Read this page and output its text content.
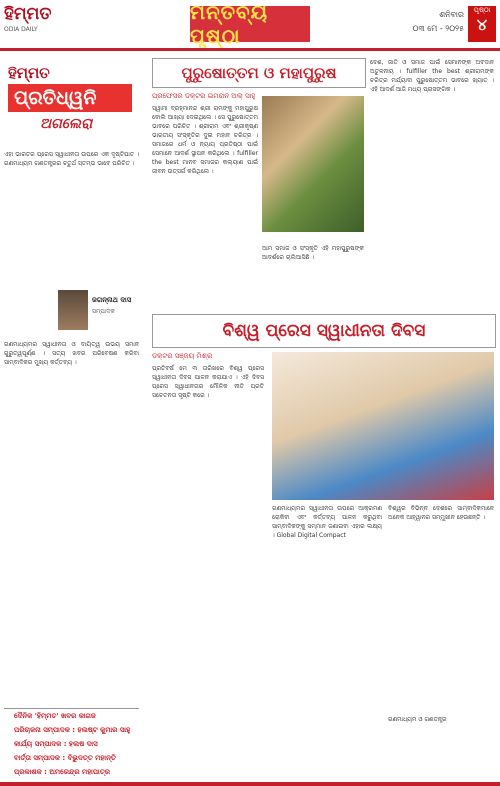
ହିମ୍ମତ
ODIA DAILY
ମନ୍ତବ୍ୟ ପୃଷ୍ଠା
ଶନିବାର
୦୩ ମେ - ୨୦୨୫
ପୃଷ୍ଠା
୪
ହିମ୍ମତ
ପ୍ରତିଧ୍ୱନି
ଅଗଲେରା
ଏହା ଭାରତର ପ୍ରେସ ସ୍ୱାଧୀନତା ଉପରେ ଏକ ଦୃଷ୍ଟିପାତ । ଗଣମାଧ୍ୟମ ଗଣତନ୍ତ୍ରର ଚତୁର୍ଥ ସ୍ତମ୍ଭ ଭାବେ ପରିଚିତ ।
ଜଗନ୍ନାଥ ଦାସ
ସମ୍ପାଦକ
ଗଣମାଧ୍ୟମର ସ୍ୱାଧୀନତା ଓ ଦାୟିତ୍ୱ ଉଭୟ ସମାନ ଗୁରୁତ୍ୱପୂର୍ଣ୍ଣ । ସତ୍ୟ ଖବର ପରିବେଷଣ କରିବା ସାମ୍ବାଦିକର ମୁଖ୍ୟ କର୍ତ୍ତବ୍ୟ ।
ଦୈନିକ 'ହିମ୍ମତ' ଖବର କାଗଜ
ପରିଚାଳନା ସମ୍ପାଦକ : ହଲଷ୍ଟ କୁମାର ସାହୁ
କାର୍ଯ୍ୟ ସମ୍ପାଦକ : ହଲଷ ଦାସ
ବାର୍ତ୍ତା ସମ୍ପାଦକ : ବିଭୁଦତ୍ତ ମହାନ୍ତି
ପ୍ରକାଶକ : ଅମରେନ୍ଦ୍ର ମହାପାତ୍ର
ପୁରୁଷୋତ୍ତମ ଓ ମହାପୁରୁଷ
ପ୍ରଫେସର ଡକ୍ଟର ଇମରାନ ଅଲ୍ ସାହୁ
ସ୍ୱାମୀ ବ୍ରହ୍ମାନନ୍ଦ ଶ୍ରୀ ରାମଙ୍କୁ ମହାପୁରୁଷ ବୋଲି ଆଖ୍ୟା ଦେଇଥିଲେ । ସେ ପୁରୁଷୋତ୍ତମ ଭାବରେ ପରିଚିତ । ଶ୍ରୀରାମ ଏବଂ ଶ୍ରୀକୃଷ୍ଣ ଭାରତୀୟ ସଂସ୍କୃତିର ଦୁଇ ମହାନ ଚରିତ୍ର । ସମାଜରେ ଧର୍ମ ଓ ନ୍ୟାୟ ପ୍ରତିଷ୍ଠା ପାଇଁ ସେମାନେ ଆଦର୍ଶ ସ୍ଥାପନ କରିଥିଲେ । fulfiller the best ମାନବ ସମାଜର କଲ୍ୟାଣ ପାଇଁ ଜୀବନ ଉତ୍ସର୍ଗ କରିଥିଲେ ।
ଆମ ସମାଜ ଓ ସଂସ୍କୃତି ଏହି ମହାପୁରୁଷଙ୍କ ଆଦର୍ଶରେ ଚାଲିଆସିଛି ।
ଦେଶ, ଜାତି ଓ ସମାଜ ପାଇଁ ସେମାନଙ୍କ ଅବଦାନ ଅତୁଳନୀୟ । fulfiller the best ଶ୍ରୀରାମଙ୍କ ଚରିତ୍ର ମର୍ଯ୍ୟାଦା ପୁରୁଷୋତ୍ତମ ଭାବରେ ଖ୍ୟାତ । ଏହି ଆଦର୍ଶ ଆଜି ମଧ୍ୟ ପ୍ରାସଙ୍ଗିକ ।
ବିଶ୍ୱ ପ୍ରେସ ସ୍ୱାଧୀନତା ଦିବସ
ଡକ୍ଟର ସଞ୍ଜୟ ମିଶ୍ର
ପ୍ରତିବର୍ଷ ମେ ୩ ତାରିଖରେ ବିଶ୍ୱ ପ୍ରେସ ସ୍ୱାଧୀନତା ଦିବସ ପାଳନ କରାଯାଏ । ଏହି ଦିବସ ପ୍ରେସ ସ୍ୱାଧୀନତାର ମୌଳିକ ନୀତି ପ୍ରତି ସଚେତନତା ସୃଷ୍ଟି କରେ ।
ଗଣମାଧ୍ୟମର ସ୍ୱାଧୀନତା ଉପରେ ଆକ୍ରମଣ ରୋକିବା ଏବଂ କର୍ତ୍ତବ୍ୟ ପାଳନ କରୁଥିବା ସାମ୍ବାଦିକଙ୍କୁ ସମ୍ମାନ ଜଣାଇବା ଏହାର ଲକ୍ଷ୍ୟ । Global Digital Compact
ବିଶ୍ୱର ବିଭିନ୍ନ ଦେଶରେ ସାମ୍ବାଦିକମାନେ ଅନେକ ଆହ୍ୱାନର ସମ୍ମୁଖୀନ ହେଉଛନ୍ତି ।
ଗଣମାଧ୍ୟମ ଓ ଗଣତନ୍ତ୍ର
